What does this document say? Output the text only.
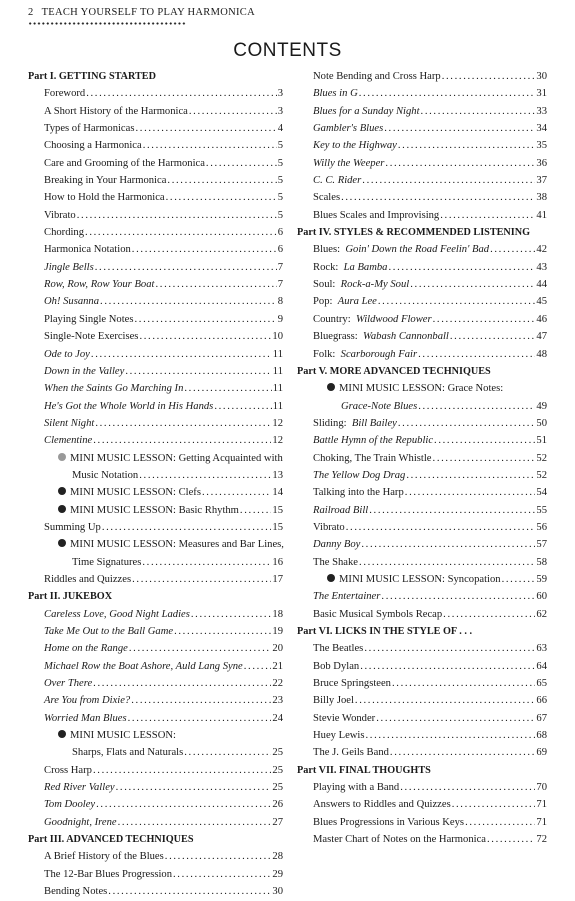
2 TEACH YOURSELF TO PLAY HARMONICA
CONTENTS
Part I. GETTING STARTED
Foreword . . .	3
A Short History of the Harmonica . . .	3
Types of Harmonicas . . .	4
Choosing a Harmonica . . .	5
Care and Grooming of the Harmonica . . .	5
Breaking in Your Harmonica . . .	5
How to Hold the Harmonica . . .	5
Vibrato . . .	5
Chording . . .	6
Harmonica Notation . . .	6
Jingle Bells . . .	7
Row, Row, Row Your Boat . . .	7
Oh! Susanna . . .	8
Playing Single Notes . . .	9
Single-Note Exercises . . .	10
Ode to Joy . . .	11
Down in the Valley . . .	11
When the Saints Go Marching In . . .	11
He's Got the Whole World in His Hands . . .	11
Silent Night . . .	12
Clementine . . .	12
MINI MUSIC LESSON: Getting Acquainted with
Music Notation . . .	13
MINI MUSIC LESSON: Clefs . . .	14
MINI MUSIC LESSON: Basic Rhythm . . .	15
Summing Up . . .	15
MINI MUSIC LESSON: Measures and Bar Lines,
Time Signatures . . .	16
Riddles and Quizzes . . .	17
Part II. JUKEBOX
Careless Love, Good Night Ladies . . .	18
Take Me Out to the Ball Game . . .	19
Home on the Range . . .	20
Michael Row the Boat Ashore, Auld Lang Syne . . .	21
Over There . . .	22
Are You from Dixie? . . .	23
Worried Man Blues . . .	24
MINI MUSIC LESSON:
Sharps, Flats and Naturals . . .	25
Cross Harp . . .	25
Red River Valley . . .	25
Tom Dooley . . .	26
Goodnight, Irene . . .	27
Part III. ADVANCED TECHNIQUES
A Brief History of the Blues . . .	28
The 12-Bar Blues Progression . . .	29
Bending Notes . . .	30
Note Bending and Cross Harp . . .	30
Blues in G . . .	31
Blues for a Sunday Night . . .	33
Gambler's Blues . . .	34
Key to the Highway . . .	35
Willy the Weeper . . .	36
C. C. Rider . . .	37
Scales . . .	38
Blues Scales and Improvising . . .	41
Part IV. STYLES & RECOMMENDED LISTENING
Blues: Goin' Down the Road Feelin' Bad . . .	42
Rock: La Bamba . . .	43
Soul: Rock-a-My Soul . . .	44
Pop: Aura Lee . . .	45
Country: Wildwood Flower . . .	46
Bluegrass: Wabash Cannonball . . .	47
Folk: Scarborough Fair . . .	48
Part V. MORE ADVANCED TECHNIQUES
MINI MUSIC LESSON: Grace Notes:
Grace-Note Blues . . .	49
Sliding: Bill Bailey . . .	50
Battle Hymn of the Republic . . .	51
Choking, The Train Whistle . . .	52
The Yellow Dog Drag . . .	52
Talking into the Harp . . .	54
Railroad Bill . . .	55
Vibrato . . .	56
Danny Boy . . .	57
The Shake . . .	58
MINI MUSIC LESSON: Syncopation . . .	59
The Entertainer . . .	60
Basic Musical Symbols Recap . . .	62
Part VI. LICKS IN THE STYLE OF . . .
The Beatles . . .	63
Bob Dylan . . .	64
Bruce Springsteen . . .	65
Billy Joel . . .	66
Stevie Wonder . . .	67
Huey Lewis . . .	68
The J. Geils Band . . .	69
Part VII. FINAL THOUGHTS
Playing with a Band . . .	70
Answers to Riddles and Quizzes . . .	71
Blues Progressions in Various Keys . . .	71
Master Chart of Notes on the Harmonica . . .	72
